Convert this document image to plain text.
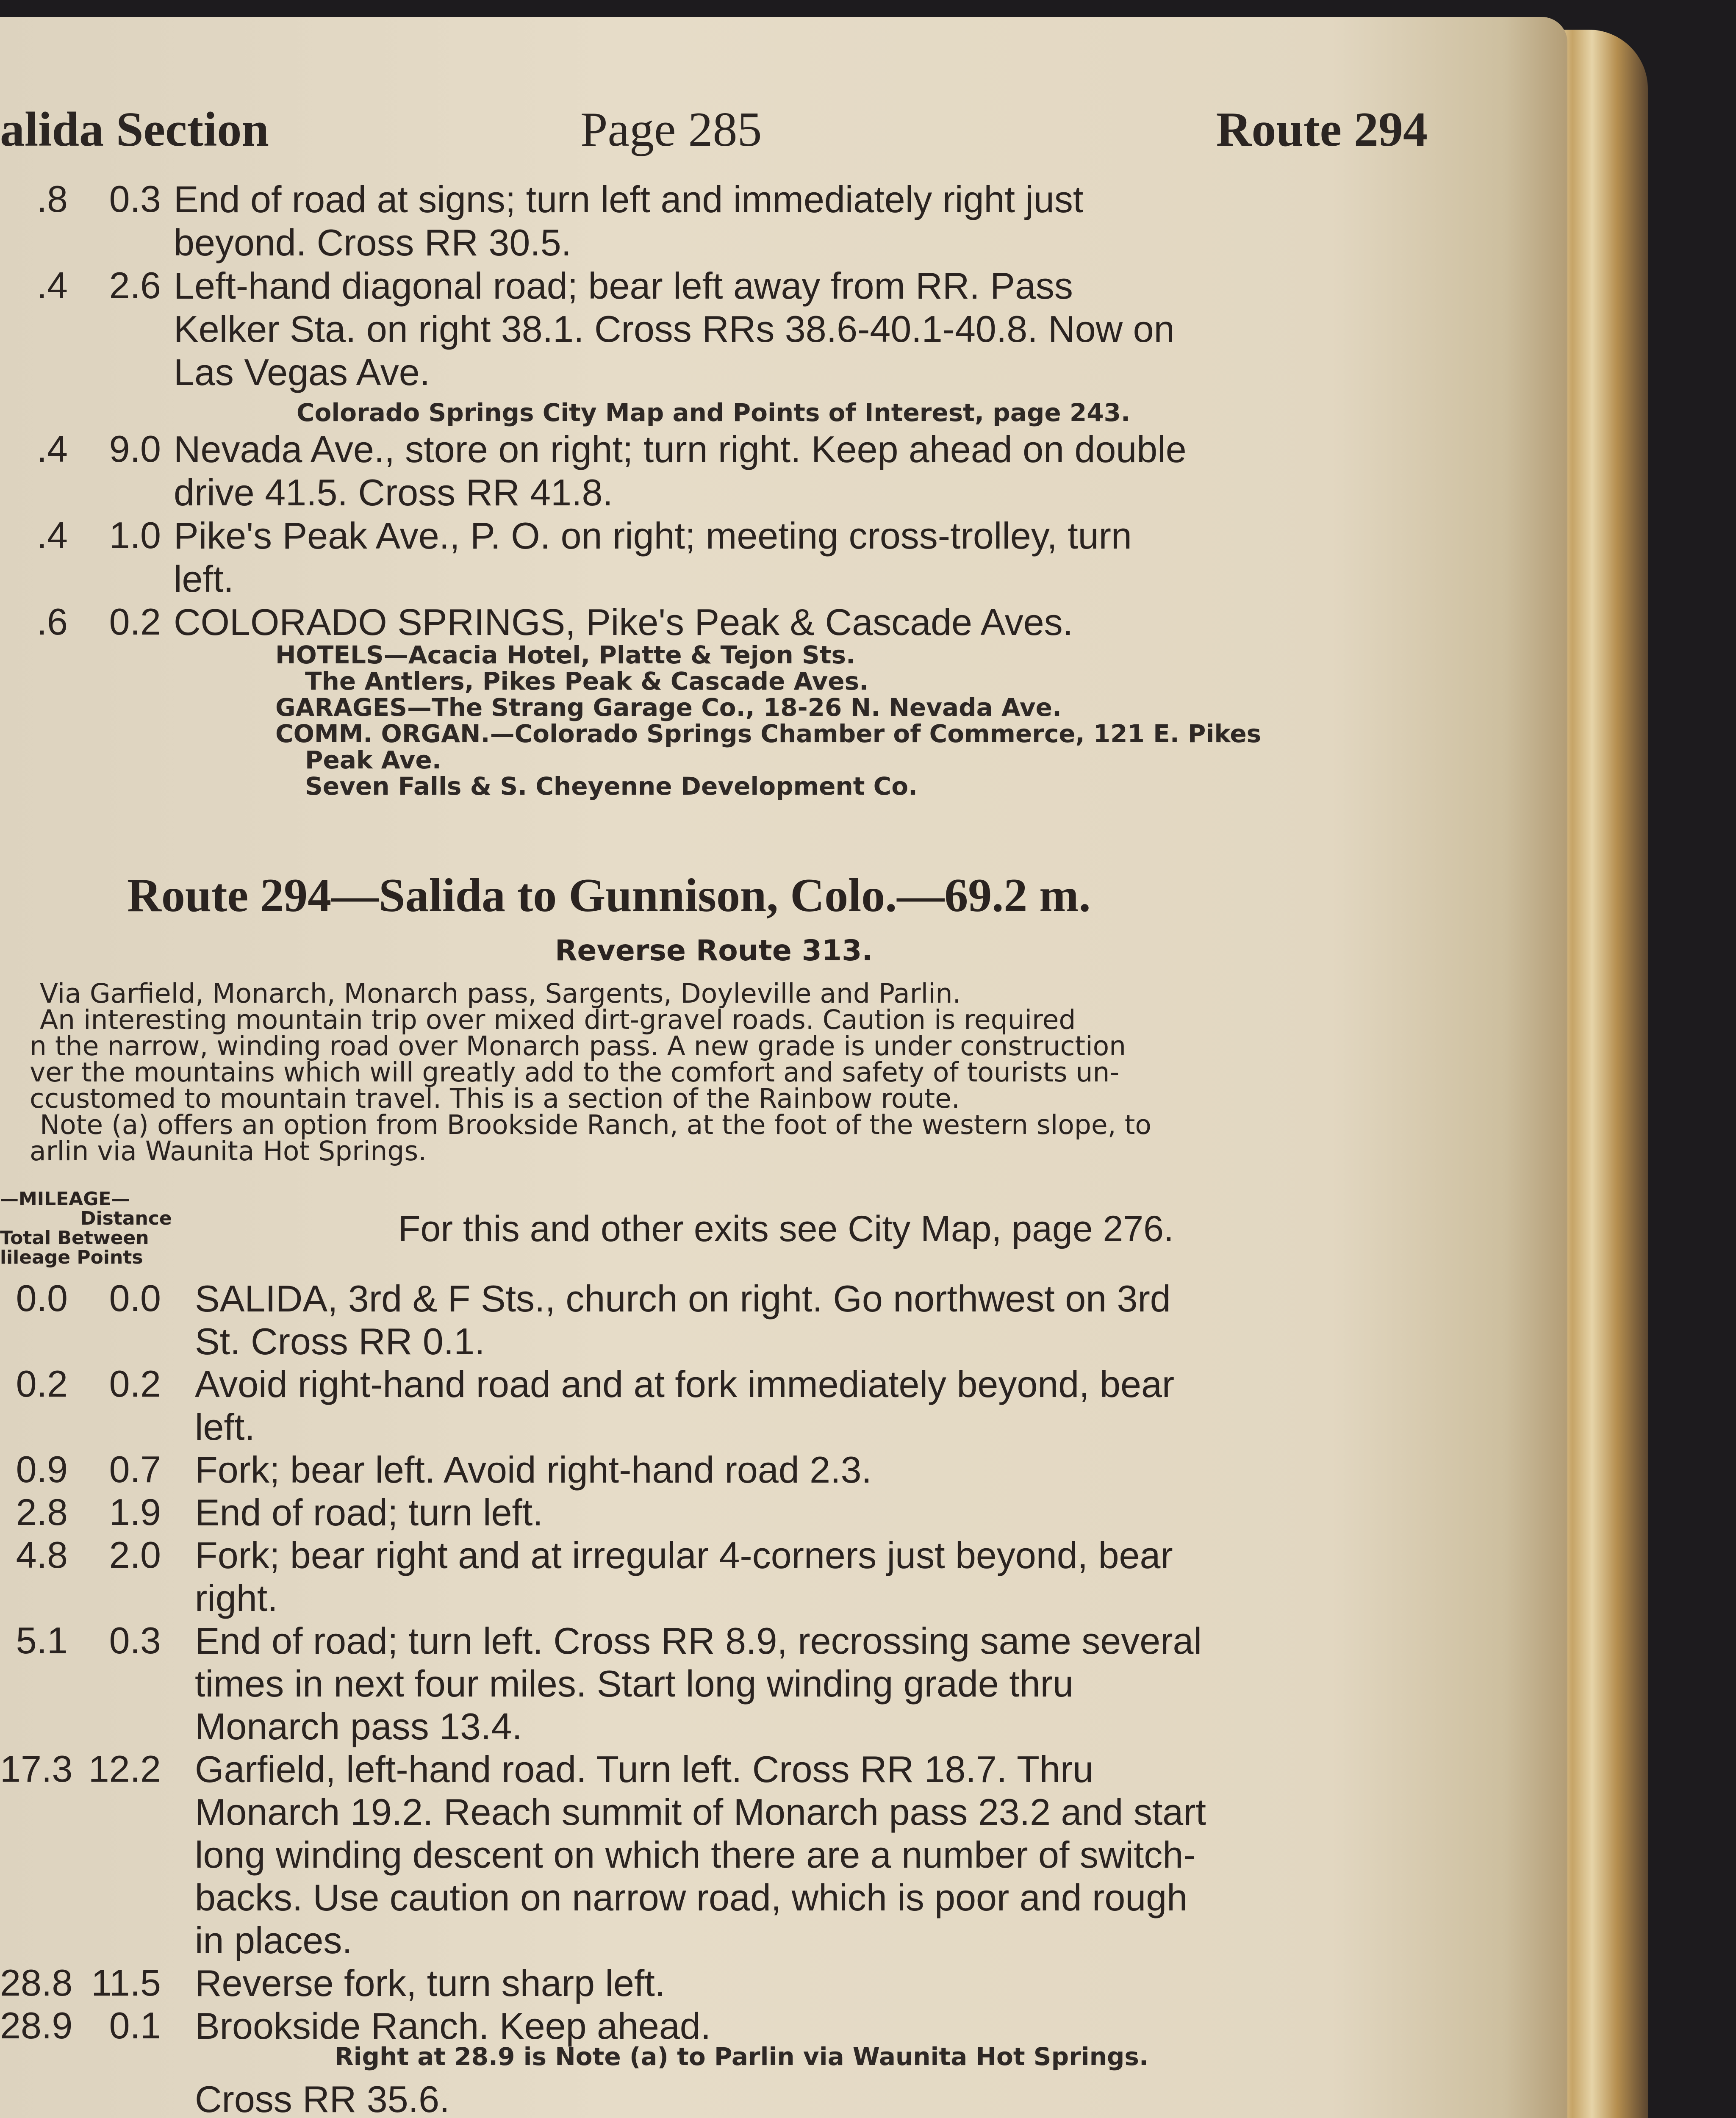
alida Section	Page 285	Route 294
.8	0.3 End of road at signs; turn left and immediately right just
beyond. Cross RR 30.5.
.4	2.6 Left-hand diagonal road; bear left away from RR. Pass
Kelker Sta. on right 38.1. Cross RRs 38.6-40.1-40.8. Now on
Las Vegas Ave.
Colorado Springs City Map and Points of Interest, page 243.
.4	9.0 Nevada Ave., store on right; turn right. Keep ahead on double
drive 41.5. Cross RR 41.8.
.4	1.0 Pike's Peak Ave., P. O. on right; meeting cross-trolley, turn
left.
.6	0.2 COLORADO SPRINGS, Pike's Peak & Cascade Aves.
HOTELS—Acacia Hotel, Platte & Tejon Sts.
The Antlers, Pikes Peak & Cascade Aves.
GARAGES—The Strang Garage Co., 18-26 N. Nevada Ave.
COMM. ORGAN.—Colorado Springs Chamber of Commerce, 121 E. Pikes
Peak Ave.
Seven Falls & S. Cheyenne Development Co.
0.0	0.0 SALIDA, 3rd & F Sts., church on right. Go northwest on 3rd
St. Cross RR 0.1.
0.2	0.2 Avoid right-hand road and at fork immediately beyond, bear
left.
0.9	0.7 Fork; bear left. Avoid right-hand road 2.3.
2.8	1.9 End of road; turn left.
4.8	2.0 Fork; bear right and at irregular 4-corners just beyond, bear
right.
5.1	0.3 End of road; turn left. Cross RR 8.9, recrossing same several
times in next four miles. Start long winding grade thru
Monarch pass 13.4.
17.3 12.2 Garfield, left-hand road. Turn left. Cross RR 18.7. Thru
Monarch 19.2. Reach summit of Monarch pass 23.2 and start
long winding descent on which there are a number of switch-
backs. Use caution on narrow road, which is poor and rough
in places.
28.8 11.5 Reverse fork, turn sharp left.
28.9 0.1 Brookside Ranch. Keep ahead.
Right at 28.9 is Note (a) to Parlin via Waunita Hot Springs.
Cross RR 35.6.
Route 294—Salida to Gunnison, Colo.—69.2 m.
Reverse Route 313.
Via Garfield, Monarch, Monarch pass, Sargents, Doyleville and Parlin.
An interesting mountain trip over mixed dirt-gravel roads. Caution is required
n the narrow, winding road over Monarch pass. A new grade is under construction
ver the mountains which will greatly add to the comfort and safety of tourists un-
ccustomed to mountain travel. This is a section of the Rainbow route.
Note (a) offers an option from Brookside Ranch, at the foot of the western slope, to
arlin via Waunita Hot Springs.
—MILEAGE—
Distance
Total Between
lileage Points
For this and other exits see City Map, page 276.
